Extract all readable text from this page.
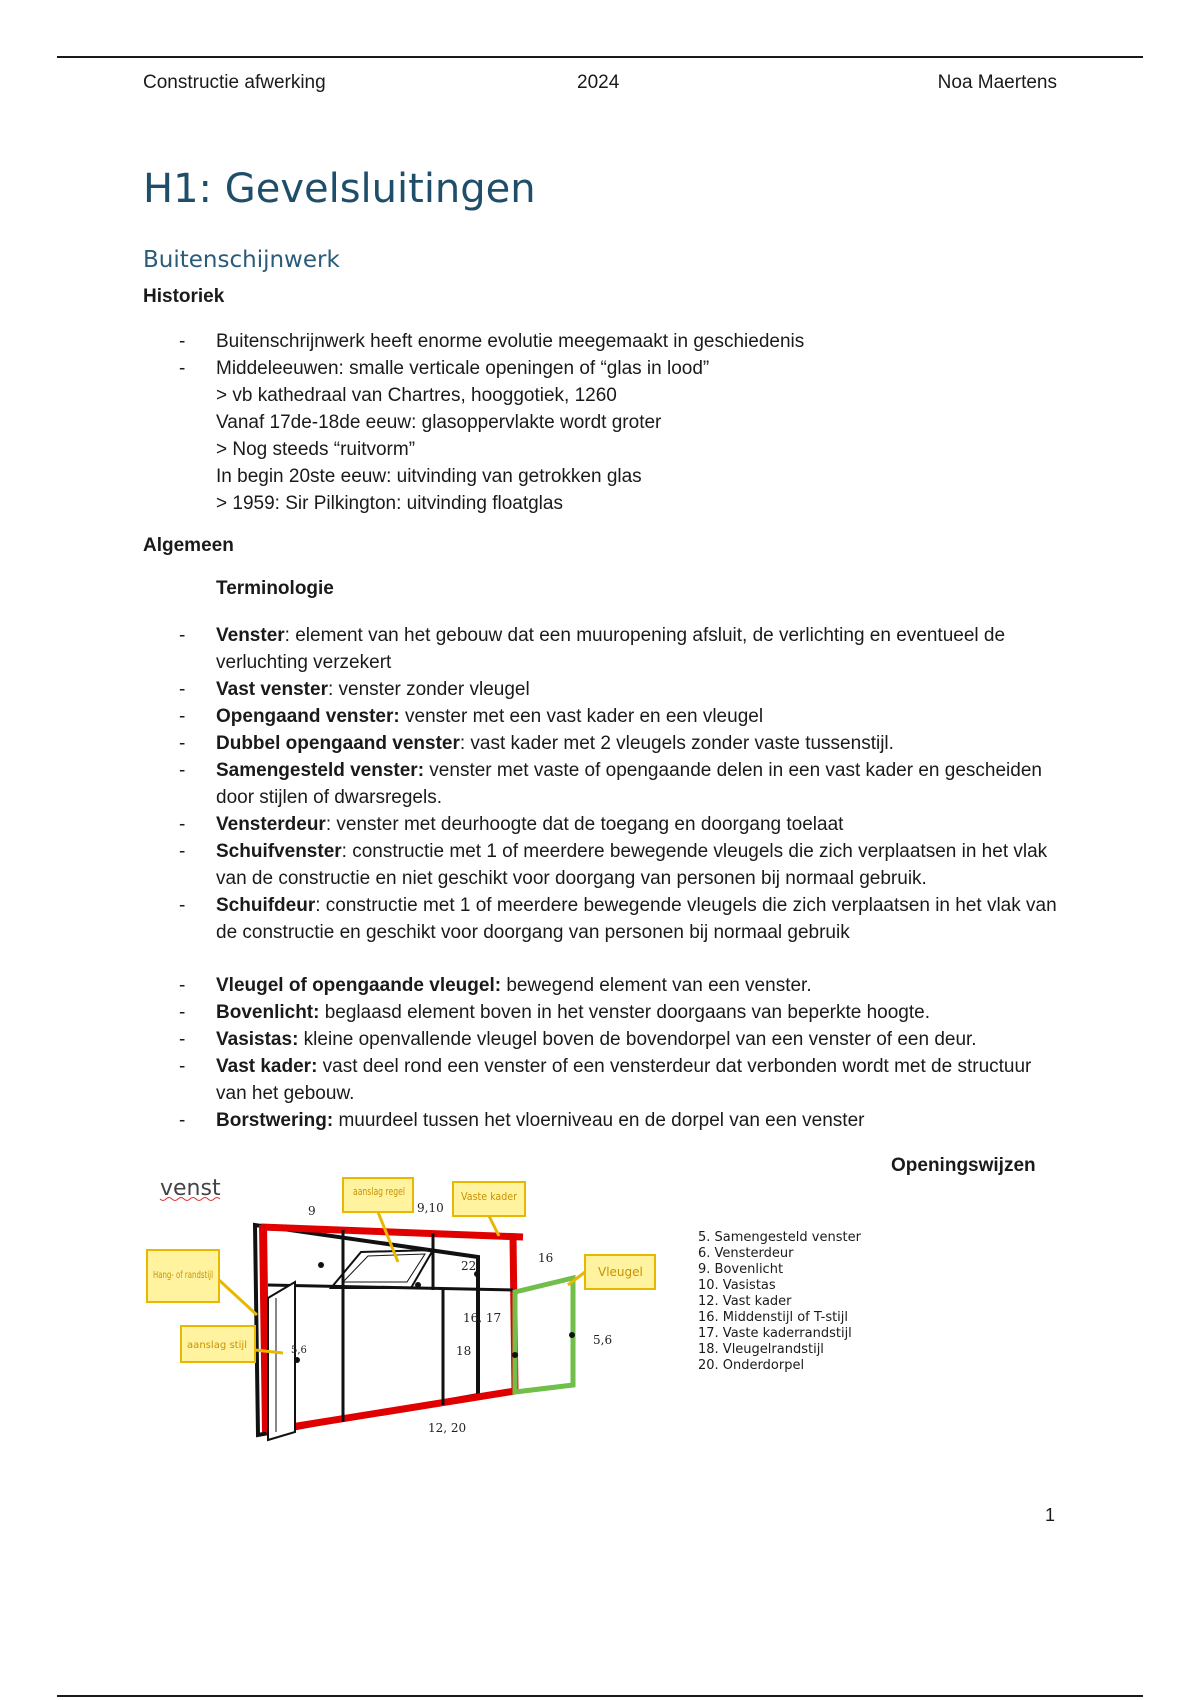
Constructie afwerking	2024	Noa Maertens
H1: Gevelsluitingen
Buitenschijnwerk
Historiek
- Buitenschrijnwerk heeft enorme evolutie meegemaakt in geschiedenis
- Middeleeuwen: smalle verticale openingen of “glas in lood”
> vb kathedraal van Chartres, hooggotiek, 1260
Vanaf 17de-18de eeuw: glasoppervlakte wordt groter
> Nog steeds “ruitvorm”
In begin 20ste eeuw: uitvinding van getrokken glas
> 1959: Sir Pilkington: uitvinding floatglas
Algemeen
Terminologie
- Venster: element van het gebouw dat een muuropening afsluit, de verlichting en eventueel de verluchting verzekert
- Vast venster: venster zonder vleugel
- Opengaand venster: venster met een vast kader en een vleugel
- Dubbel opengaand venster: vast kader met 2 vleugels zonder vaste tussenstijl.
- Samengesteld venster: venster met vaste of opengaande delen in een vast kader en gescheiden door stijlen of dwarsregels.
- Vensterdeur: venster met deurhoogte dat de toegang en doorgang toelaat
- Schuifvenster: constructie met 1 of meerdere bewegende vleugels die zich verplaatsen in het vlak van de constructie en niet geschikt voor doorgang van personen bij normaal gebruik.
- Schuifdeur: constructie met 1 of meerdere bewegende vleugels die zich verplaatsen in het vlak van de constructie en geschikt voor doorgang van personen bij normaal gebruik
- Vleugel of opengaande vleugel: bewegend element van een venster.
- Bovenlicht: beglaasd element boven in het venster doorgaans van beperkte hoogte.
- Vasistas: kleine openvallende vleugel boven de bovendorpel van een venster of een deur.
- Vast kader: vast deel rond een venster of een vensterdeur dat verbonden wordt met de structuur van het gebouw.
- Borstwering: muurdeel tussen het vloerniveau en de dorpel van een venster
Openingswijzen
venst
9	9,10
16
22
16, 17
18
5,6
5,6
12, 20
aanslag regel	Vaste kader
Hang- of randstijl	Vleugel
aanslag stijl
5. Samengesteld venster
6. Vensterdeur
9. Bovenlicht
10. Vasistas
12. Vast kader
16. Middenstijl of T-stijl
17. Vaste kaderrandstijl
18. Vleugelrandstijl
20. Onderdorpel
1
